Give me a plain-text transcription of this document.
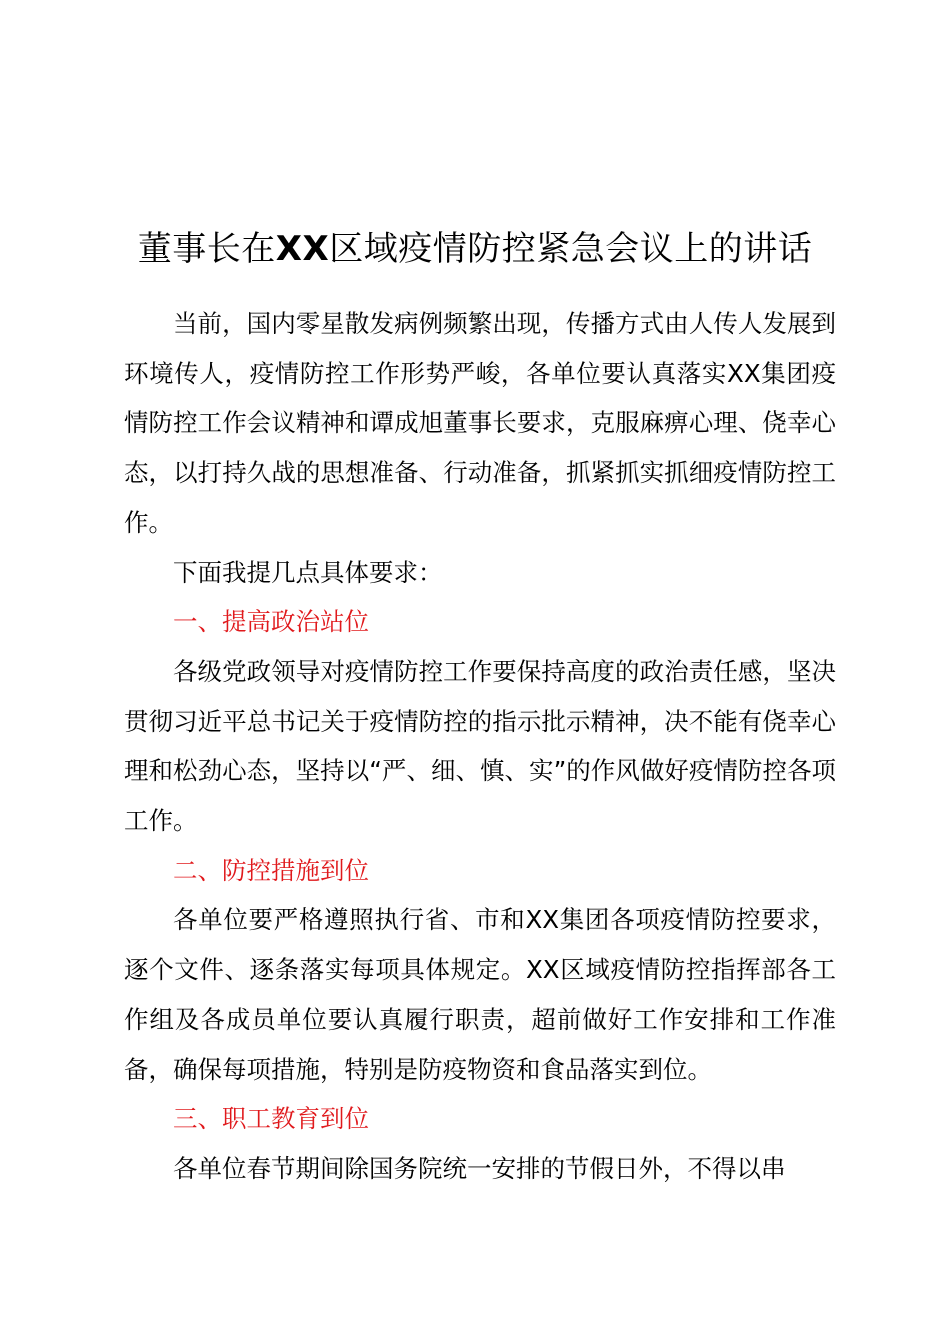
董事长在XX区域疫情防控紧急会议上的讲话

当前，国内零星散发病例频繁出现，传播方式由人传人发展到环境传人，疫情防控工作形势严峻，各单位要认真落实XX集团疫情防控工作会议精神和谭成旭董事长要求，克服麻痹心理、侥幸心态，以打持久战的思想准备、行动准备，抓紧抓实抓细疫情防控工作。

下面我提几点具体要求：

一、提高政治站位

各级党政领导对疫情防控工作要保持高度的政治责任感，坚决贯彻习近平总书记关于疫情防控的指示批示精神，决不能有侥幸心理和松劲心态，坚持以“严、细、慎、实”的作风做好疫情防控各项工作。

二、防控措施到位

各单位要严格遵照执行省、市和XX集团各项疫情防控要求，逐个文件、逐条落实每项具体规定。XX区域疫情防控指挥部各工作组及各成员单位要认真履行职责，超前做好工作安排和工作准备，确保每项措施，特别是防疫物资和食品落实到位。

三、职工教育到位

各单位春节期间除国务院统一安排的节假日外，不得以串
